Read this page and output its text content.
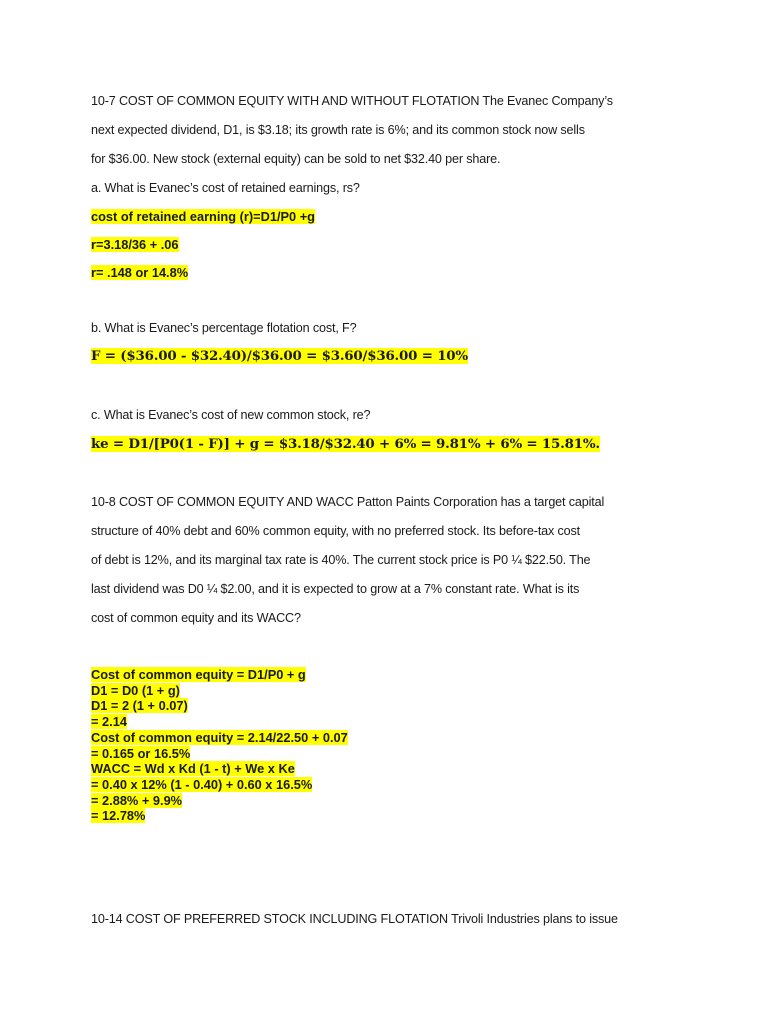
10-7 COST OF COMMON EQUITY WITH AND WITHOUT FLOTATION The Evanec Company’s
next expected dividend, D1, is $3.18; its growth rate is 6%; and its common stock now sells
for $36.00. New stock (external equity) can be sold to net $32.40 per share.
a. What is Evanec’s cost of retained earnings, rs?
cost of retained earning (r)=D1/P0 +g
r=3.18/36 + .06
r= .148 or 14.8%
b. What is Evanec’s percentage flotation cost, F?
F = ($36.00 - $32.40)/$36.00 = $3.60/$36.00 = 10%
c. What is Evanec’s cost of new common stock, re?
ke = D1/[P0(1 - F)] + g = $3.18/$32.40 + 6% = 9.81% + 6% = 15.81%.
10-8 COST OF COMMON EQUITY AND WACC Patton Paints Corporation has a target capital
structure of 40% debt and 60% common equity, with no preferred stock. Its before-tax cost
of debt is 12%, and its marginal tax rate is 40%. The current stock price is P0 ¼ $22.50. The
last dividend was D0 ¼ $2.00, and it is expected to grow at a 7% constant rate. What is its
cost of common equity and its WACC?
Cost of common equity = D1/P0 + g
D1 = D0 (1 + g)
D1 = 2 (1 + 0.07)
= 2.14
Cost of common equity = 2.14/22.50 + 0.07
= 0.165 or 16.5%
WACC = Wd x Kd (1 - t) + We x Ke
= 0.40 x 12% (1 - 0.40) + 0.60 x 16.5%
= 2.88% + 9.9%
= 12.78%
10-14 COST OF PREFERRED STOCK INCLUDING FLOTATION Trivoli Industries plans to issue
